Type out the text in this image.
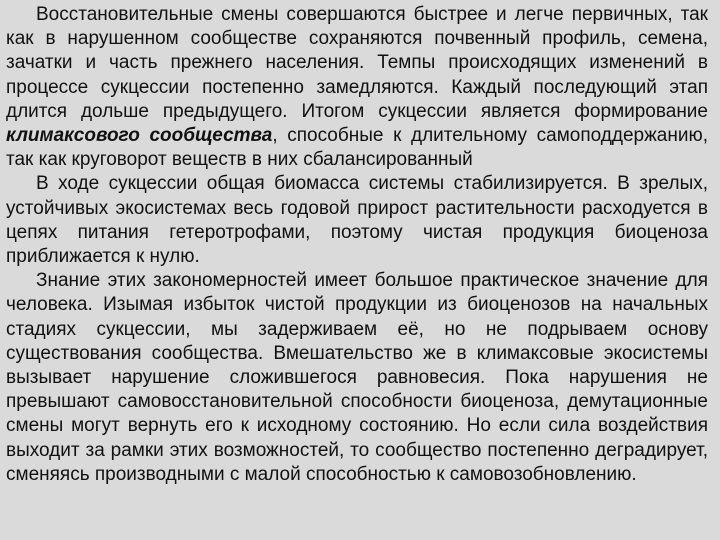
Восстановительные смены совершаются быстрее и легче первичных, так как в нарушенном сообществе сохраняются почвенный профиль, семена, зачатки и часть прежнего населения. Темпы происходящих изменений в процессе сукцессии постепенно замедляются. Каждый последующий этап длится дольше предыдущего. Итогом сукцессии является формирование климаксового сообщества, способные к длительному самоподдержанию, так как круговорот веществ в них сбалансированный

В ходе сукцессии общая биомасса системы стабилизируется. В зрелых, устойчивых экосистемах весь годовой прирост растительности расходуется в цепях питания гетеротрофами, поэтому чистая продукция биоценоза приближается к нулю.

Знание этих закономерностей имеет большое практическое значение для человека. Изымая избыток чистой продукции из биоценозов на начальных стадиях сукцессии, мы задерживаем её, но не подрываем основу существования сообщества. Вмешательство же в климаксовые экосистемы вызывает нарушение сложившегося равновесия. Пока нарушения не превышают самовосстановительной способности биоценоза, демутационные смены могут вернуть его к исходному состоянию. Но если сила воздействия выходит за рамки этих возможностей, то сообщество постепенно деградирует, сменяясь производными с малой способностью к самовозобновлению.
